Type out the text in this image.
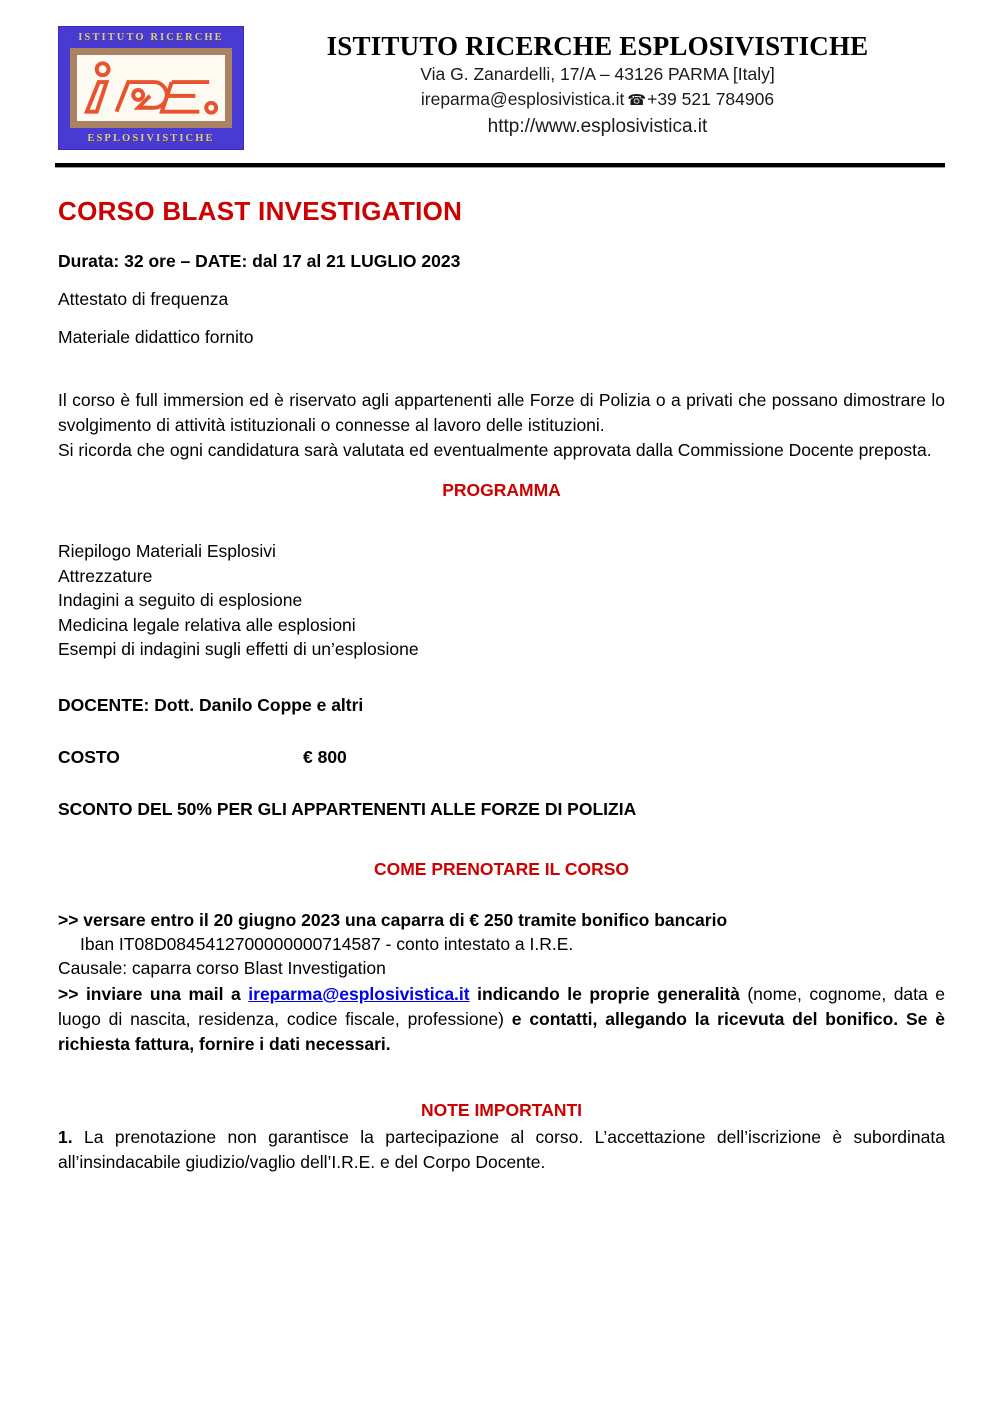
ISTITUTO RICERCHE
ESPLOSIVISTICHE
ISTITUTO RICERCHE ESPLOSIVISTICHE
Via G. Zanardelli, 17/A – 43126 PARMA [Italy]
ireparma@esplosivistica.it ☎+39 521 784906
http://www.esplosivistica.it
CORSO BLAST INVESTIGATION
Durata: 32 ore – DATE: dal 17 al 21 LUGLIO 2023
Attestato di frequenza
Materiale didattico fornito

Il corso è full immersion ed è riservato agli appartenenti alle Forze di Polizia o a privati che possano dimostrare lo svolgimento di attività istituzionali o connesse al lavoro delle istituzioni.

Si ricorda che ogni candidatura sarà valutata ed eventualmente approvata dalla Commissione Docente preposta.

PROGRAMMA
Riepilogo Materiali Esplosivi
Attrezzature
Indagini a seguito di esplosione
Medicina legale relativa alle esplosioni
Esempi di indagini sugli effetti di un’esplosione
DOCENTE: Dott. Danilo Coppe e altri
COSTO	€ 800
SCONTO DEL 50% PER GLI APPARTENENTI ALLE FORZE DI POLIZIA
COME PRENOTARE IL CORSO
>> versare entro il 20 giugno 2023 una caparra di € 250 tramite bonifico bancario
Iban IT08D0845412700000000714587 - conto intestato a I.R.E.
Causale: caparra corso Blast Investigation

>> inviare una mail a ireparma@esplosivistica.it indicando le proprie generalità (nome, cognome, data e luogo di nascita, residenza, codice fiscale, professione) e contatti, allegando la ricevuta del bonifico. Se è richiesta fattura, fornire i dati necessari.

NOTE IMPORTANTI

1. La prenotazione non garantisce la partecipazione al corso. L’accettazione dell’iscrizione è subordinata all’insindacabile giudizio/vaglio dell’I.R.E. e del Corpo Docente.
